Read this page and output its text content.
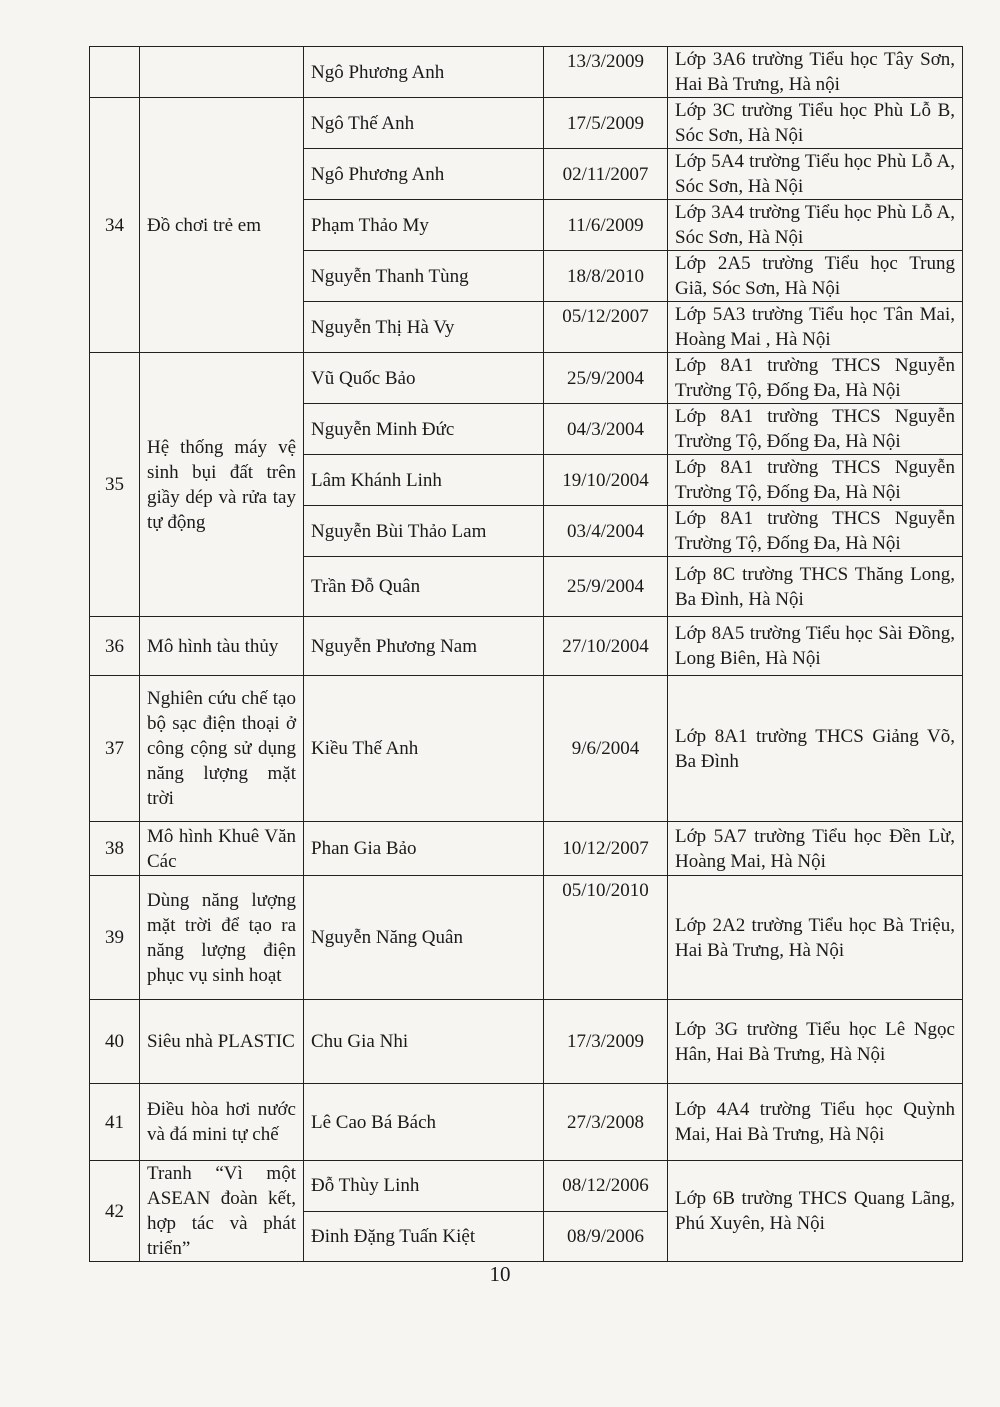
		Ngô Phương Anh	13/3/2009	Lớp 3A6 trường Tiểu học Tây Sơn, Hai Bà Trưng, Hà nội
34	Đồ chơi trẻ em	Ngô Thế Anh	17/5/2009	Lớp 3C trường Tiểu học Phù Lỗ B, Sóc Sơn, Hà Nội
		Ngô Phương Anh	02/11/2007	Lớp 5A4 trường Tiểu học Phù Lỗ A, Sóc Sơn, Hà Nội
		Phạm Thảo My	11/6/2009	Lớp 3A4 trường Tiểu học Phù Lỗ A, Sóc Sơn, Hà Nội
		Nguyễn Thanh Tùng	18/8/2010	Lớp 2A5 trường Tiểu học Trung Giã, Sóc Sơn, Hà Nội
		Nguyễn Thị Hà Vy	05/12/2007	Lớp 5A3 trường Tiểu học Tân Mai, Hoàng Mai , Hà Nội
35	Hệ thống máy vệ sinh bụi đất trên giầy dép và rửa tay tự động	Vũ Quốc Bảo	25/9/2004	Lớp 8A1 trường THCS Nguyễn Trường Tộ, Đống Đa, Hà Nội
		Nguyễn Minh Đức	04/3/2004	Lớp 8A1 trường THCS Nguyễn Trường Tộ, Đống Đa, Hà Nội
		Lâm Khánh Linh	19/10/2004	Lớp 8A1 trường THCS Nguyễn Trường Tộ, Đống Đa, Hà Nội
		Nguyễn Bùi Thảo Lam	03/4/2004	Lớp 8A1 trường THCS Nguyễn Trường Tộ, Đống Đa, Hà Nội
		Trần Đỗ Quân	25/9/2004	Lớp 8C trường THCS Thăng Long, Ba Đình, Hà Nội
36	Mô hình tàu thủy	Nguyễn Phương Nam	27/10/2004	Lớp 8A5 trường Tiểu học Sài Đồng, Long Biên, Hà Nội
37	Nghiên cứu chế tạo bộ sạc điện thoại ở công cộng sử dụng năng lượng mặt trời	Kiều Thế Anh	9/6/2004	Lớp 8A1 trường THCS Giảng Võ, Ba Đình
38	Mô hình Khuê Văn Các	Phan Gia Bảo	10/12/2007	Lớp 5A7 trường Tiểu học Đền Lừ, Hoàng Mai, Hà Nội
39	Dùng năng lượng mặt trời để tạo ra năng lượng điện phục vụ sinh hoạt	Nguyễn Năng Quân	05/10/2010	Lớp 2A2 trường Tiểu học Bà Triệu, Hai Bà Trưng, Hà Nội
40	Siêu nhà PLASTIC	Chu Gia Nhi	17/3/2009	Lớp 3G trường Tiểu học Lê Ngọc Hân, Hai Bà Trưng, Hà Nội
41	Điều hòa hơi nước và đá mini tự chế	Lê Cao Bá Bách	27/3/2008	Lớp 4A4 trường Tiểu học Quỳnh Mai, Hai Bà Trưng, Hà Nội
42	Tranh “Vì một ASEAN đoàn kết, hợp tác và phát triển”	Đỗ Thùy Linh	08/12/2006	Lớp 6B trường THCS Quang Lãng, Phú Xuyên, Hà Nội
		Đinh Đặng Tuấn Kiệt	08/9/2006	
10
